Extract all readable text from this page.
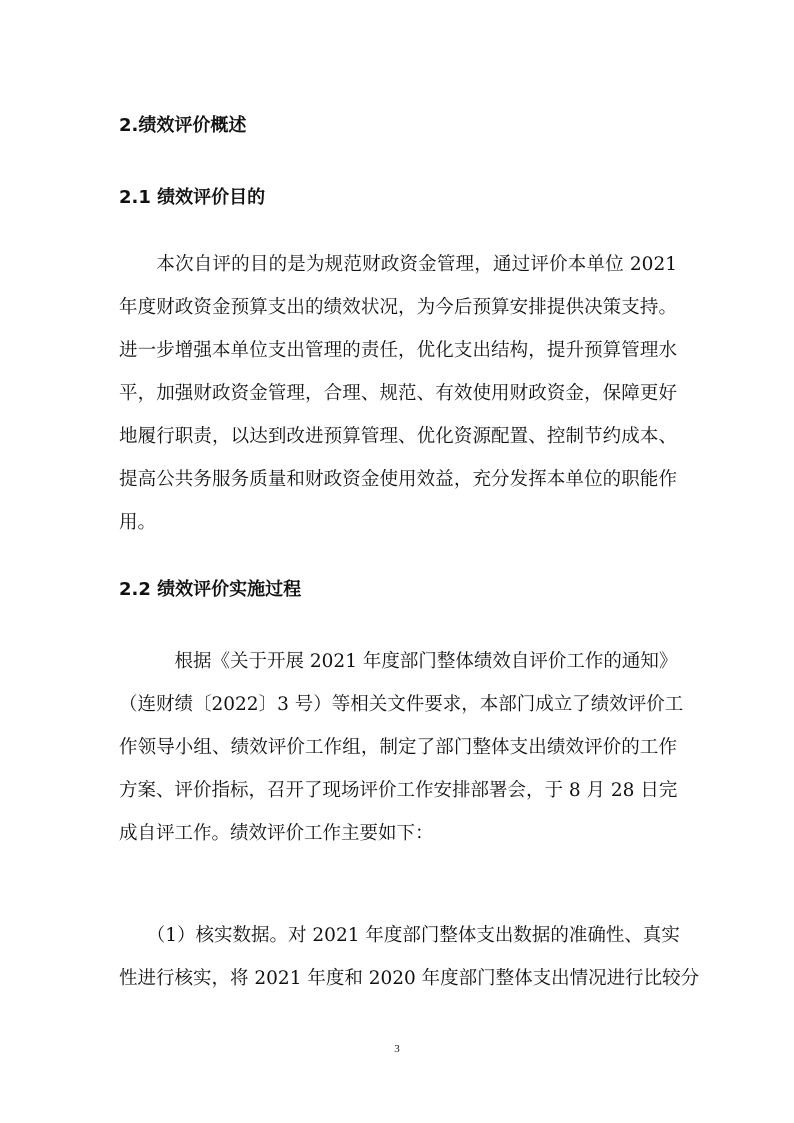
2.绩效评价概述
2.1 绩效评价目的
　　本次自评的目的是为规范财政资金管理，通过评价本单位 2021
年度财政资金预算支出的绩效状况，为今后预算安排提供决策支持。
进一步增强本单位支出管理的责任，优化支出结构，提升预算管理水
平，加强财政资金管理，合理、规范、有效使用财政资金，保障更好
地履行职责，以达到改进预算管理、优化资源配置、控制节约成本、
提高公共务服务质量和财政资金使用效益，充分发挥本单位的职能作
用。
2.2 绩效评价实施过程
　　　根据《关于开展 2021 年度部门整体绩效自评价工作的通知》
（连财绩〔2022〕3 号）等相关文件要求，本部门成立了绩效评价工
作领导小组、绩效评价工作组，制定了部门整体支出绩效评价的工作
方案、评价指标，召开了现场评价工作安排部署会，于 8 月 28 日完
成自评工作。绩效评价工作主要如下：
　　（1）核实数据。对 2021 年度部门整体支出数据的准确性、真实
性进行核实，将 2021 年度和 2020 年度部门整体支出情况进行比较分
3
